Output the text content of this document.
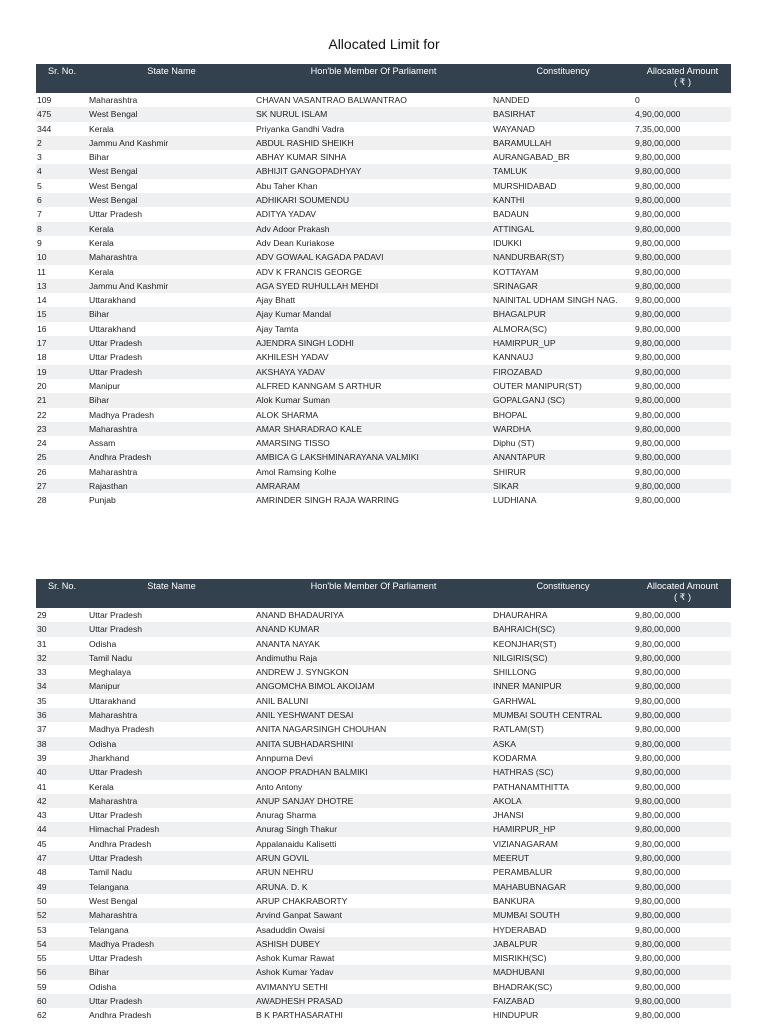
Allocated Limit for
Sr. No.	State Name	Hon'ble Member Of Parliament	Constituency	Allocated Amount
( ₹ )
109	Maharashtra	CHAVAN VASANTRAO BALWANTRAO	NANDED	0
475	West Bengal	SK NURUL ISLAM	BASIRHAT	4,90,00,000
344	Kerala	Priyanka Gandhi Vadra	WAYANAD	7,35,00,000
2	Jammu And Kashmir	ABDUL RASHID SHEIKH	BARAMULLAH	9,80,00,000
3	Bihar	ABHAY KUMAR SINHA	AURANGABAD_BR	9,80,00,000
4	West Bengal	ABHIJIT GANGOPADHYAY	TAMLUK	9,80,00,000
5	West Bengal	Abu Taher Khan	MURSHIDABAD	9,80,00,000
6	West Bengal	ADHIKARI SOUMENDU	KANTHI	9,80,00,000
7	Uttar Pradesh	ADITYA YADAV	BADAUN	9,80,00,000
8	Kerala	Adv Adoor Prakash	ATTINGAL	9,80,00,000
9	Kerala	Adv Dean Kuriakose	IDUKKI	9,80,00,000
10	Maharashtra	ADV GOWAAL KAGADA PADAVI	NANDURBAR(ST)	9,80,00,000
11	Kerala	ADV K FRANCIS GEORGE	KOTTAYAM	9,80,00,000
13	Jammu And Kashmir	AGA SYED RUHULLAH MEHDI	SRINAGAR	9,80,00,000
14	Uttarakhand	Ajay Bhatt	NAINITAL UDHAM SINGH NAG.	9,80,00,000
15	Bihar	Ajay Kumar Mandal	BHAGALPUR	9,80,00,000
16	Uttarakhand	Ajay Tamta	ALMORA(SC)	9,80,00,000
17	Uttar Pradesh	AJENDRA SINGH LODHI	HAMIRPUR_UP	9,80,00,000
18	Uttar Pradesh	AKHILESH YADAV	KANNAUJ	9,80,00,000
19	Uttar Pradesh	AKSHAYA YADAV	FIROZABAD	9,80,00,000
20	Manipur	ALFRED KANNGAM S ARTHUR	OUTER MANIPUR(ST)	9,80,00,000
21	Bihar	Alok Kumar Suman	GOPALGANJ (SC)	9,80,00,000
22	Madhya Pradesh	ALOK SHARMA	BHOPAL	9,80,00,000
23	Maharashtra	AMAR SHARADRAO KALE	WARDHA	9,80,00,000
24	Assam	AMARSING TISSO	Diphu (ST)	9,80,00,000
25	Andhra Pradesh	AMBICA G LAKSHMINARAYANA VALMIKI	ANANTAPUR	9,80,00,000
26	Maharashtra	Amol Ramsing Kolhe	SHIRUR	9,80,00,000
27	Rajasthan	AMRARAM	SIKAR	9,80,00,000
28	Punjab	AMRINDER SINGH RAJA WARRING	LUDHIANA	9,80,00,000
Sr. No.	State Name	Hon'ble Member Of Parliament	Constituency	Allocated Amount
( ₹ )
29	Uttar Pradesh	ANAND BHADAURIYA	DHAURAHRA	9,80,00,000
30	Uttar Pradesh	ANAND KUMAR	BAHRAICH(SC)	9,80,00,000
31	Odisha	ANANTA NAYAK	KEONJHAR(ST)	9,80,00,000
32	Tamil Nadu	Andimuthu Raja	NILGIRIS(SC)	9,80,00,000
33	Meghalaya	ANDREW J. SYNGKON	SHILLONG	9,80,00,000
34	Manipur	ANGOMCHA BIMOL AKOIJAM	INNER MANIPUR	9,80,00,000
35	Uttarakhand	ANIL BALUNI	GARHWAL	9,80,00,000
36	Maharashtra	ANIL YESHWANT DESAI	MUMBAI SOUTH CENTRAL	9,80,00,000
37	Madhya Pradesh	ANITA NAGARSINGH CHOUHAN	RATLAM(ST)	9,80,00,000
38	Odisha	ANITA SUBHADARSHINI	ASKA	9,80,00,000
39	Jharkhand	Annpurna Devi	KODARMA	9,80,00,000
40	Uttar Pradesh	ANOOP PRADHAN BALMIKI	HATHRAS (SC)	9,80,00,000
41	Kerala	Anto Antony	PATHANAMTHITTA	9,80,00,000
42	Maharashtra	ANUP SANJAY DHOTRE	AKOLA	9,80,00,000
43	Uttar Pradesh	Anurag Sharma	JHANSI	9,80,00,000
44	Himachal Pradesh	Anurag Singh Thakur	HAMIRPUR_HP	9,80,00,000
45	Andhra Pradesh	Appalanaidu Kalisetti	VIZIANAGARAM	9,80,00,000
47	Uttar Pradesh	ARUN GOVIL	MEERUT	9,80,00,000
48	Tamil Nadu	ARUN NEHRU	PERAMBALUR	9,80,00,000
49	Telangana	ARUNA. D. K	MAHABUBNAGAR	9,80,00,000
50	West Bengal	ARUP CHAKRABORTY	BANKURA	9,80,00,000
52	Maharashtra	Arvind Ganpat Sawant	MUMBAI SOUTH	9,80,00,000
53	Telangana	Asaduddin Owaisi	HYDERABAD	9,80,00,000
54	Madhya Pradesh	ASHISH DUBEY	JABALPUR	9,80,00,000
55	Uttar Pradesh	Ashok Kumar Rawat	MISRIKH(SC)	9,80,00,000
56	Bihar	Ashok Kumar Yadav	MADHUBANI	9,80,00,000
59	Odisha	AVIMANYU SETHI	BHADRAK(SC)	9,80,00,000
60	Uttar Pradesh	AWADHESH PRASAD	FAIZABAD	9,80,00,000
62	Andhra Pradesh	B K PARTHASARATHI	HINDUPUR	9,80,00,000
